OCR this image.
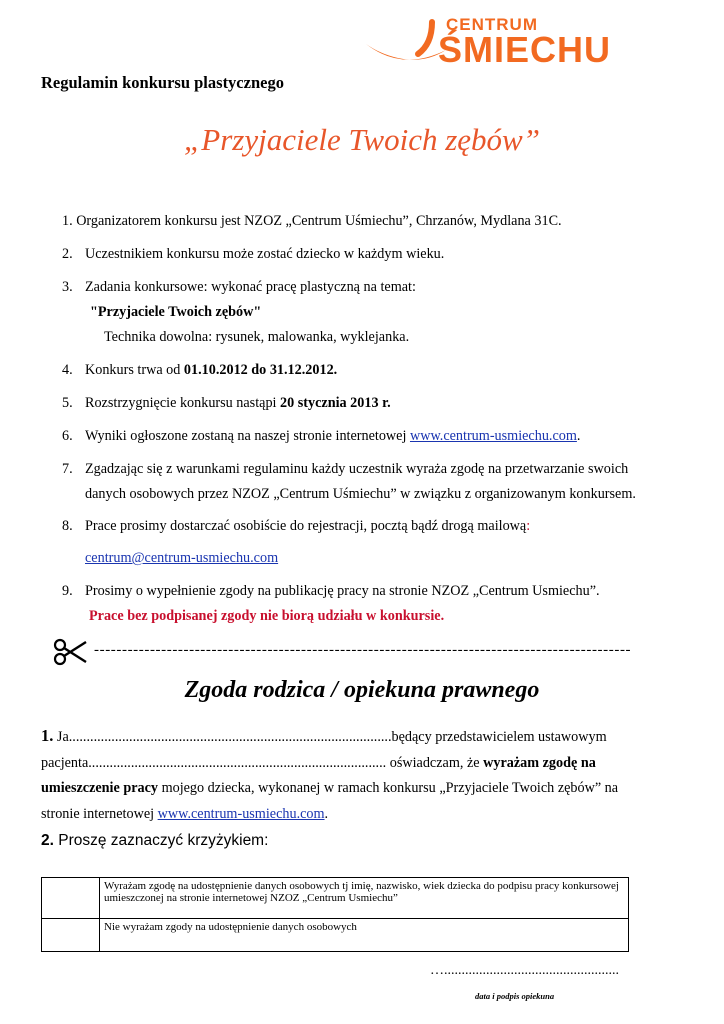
CENTRUM
ŚMIECHU
Regulamin konkursu plastycznego
„Przyjaciele Twoich zębów”
1. Organizatorem konkursu jest NZOZ „Centrum Uśmiechu”, Chrzanów, Mydlana 31C.
2. Uczestnikiem konkursu może zostać dziecko w każdym wieku.
3. Zadania konkursowe: wykonać pracę plastyczną na temat:
"Przyjaciele Twoich zębów"
Technika dowolna: rysunek, malowanka, wyklejanka.
4. Konkurs trwa od 01.10.2012 do 31.12.2012.
5. Rozstrzygnięcie konkursu nastąpi 20 stycznia 2013 r.
6. Wyniki ogłoszone zostaną na naszej stronie internetowej www.centrum-usmiechu.com.
7. Zgadzając się z warunkami regulaminu każdy uczestnik wyraża zgodę na przetwarzanie swoich
danych osobowych przez NZOZ „Centrum Uśmiechu” w związku z organizowanym konkursem.
8. Prace prosimy dostarczać osobiście do rejestracji, pocztą bądź drogą mailową:
centrum@centrum-usmiechu.com
9. Prosimy o wypełnienie zgody na publikację pracy na stronie NZOZ „Centrum Usmiechu”.
Prace bez podpisanej zgody nie biorą udziału w konkursie.
------------------------------------------------------------------------------------------------
Zgoda rodzica / opiekuna prawnego
1. Ja...........................................................................................będący przedstawicielem ustawowym
pacjenta.................................................................................... oświadczam, że wyrażam zgodę na
umieszczenie pracy mojego dziecka, wykonanej w ramach konkursu „Przyjaciele Twoich zębów” na
stronie internetowej www.centrum-usmiechu.com.
2. Proszę zaznaczyć krzyżykiem:
	Wyrażam zgodę na udostępnienie danych osobowych tj imię, nazwisko, wiek dziecka do podpisu pracy konkursowej umieszczonej na stronie internetowej NZOZ „Centrum Usmiechu”
	Nie wyrażam zgody na udostępnienie danych osobowych
…..................................................
data i podpis opiekuna
